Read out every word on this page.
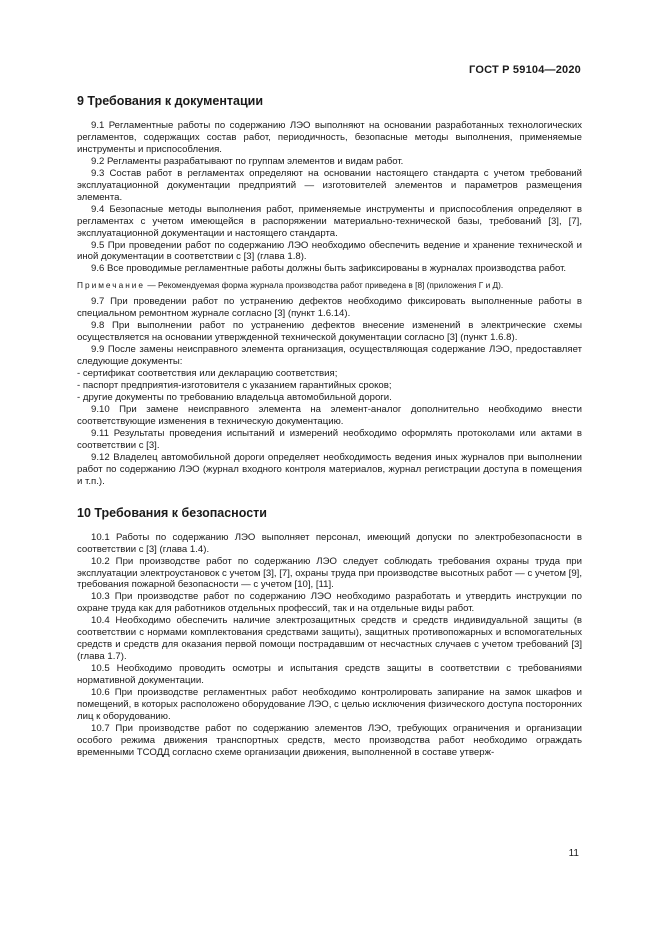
ГОСТ Р 59104—2020
9 Требования к документации

9.1 Регламентные работы по содержанию ЛЭО выполняют на основании разработанных технологических регламентов, содержащих состав работ, периодичность, безопасные методы выполнения, применяемые инструменты и приспособления.

9.2 Регламенты разрабатывают по группам элементов и видам работ.

9.3 Состав работ в регламентах определяют на основании настоящего стандарта с учетом требований эксплуатационной документации предприятий — изготовителей элементов и параметров размещения элемента.

9.4 Безопасные методы выполнения работ, применяемые инструменты и приспособления определяют в регламентах с учетом имеющейся в распоряжении материально-технической базы, требований [3], [7], эксплуатационной документации и настоящего стандарта.

9.5 При проведении работ по содержанию ЛЭО необходимо обеспечить ведение и хранение технической и иной документации в соответствии с [3] (глава 1.8).

9.6 Все проводимые регламентные работы должны быть зафиксированы в журналах производства работ.

Примечание — Рекомендуемая форма журнала производства работ приведена в [8] (приложения Г и Д).

9.7 При проведении работ по устранению дефектов необходимо фиксировать выполненные работы в специальном ремонтном журнале согласно [3] (пункт 1.6.14).

9.8 При выполнении работ по устранению дефектов внесение изменений в электрические схемы осуществляется на основании утвержденной технической документации согласно [3] (пункт 1.6.8).

9.9 После замены неисправного элемента организация, осуществляющая содержание ЛЭО, предоставляет следующие документы:

- сертификат соответствия или декларацию соответствия;
- паспорт предприятия-изготовителя с указанием гарантийных сроков;
- другие документы по требованию владельца автомобильной дороги.

9.10 При замене неисправного элемента на элемент-аналог дополнительно необходимо внести соответствующие изменения в техническую документацию.

9.11 Результаты проведения испытаний и измерений необходимо оформлять протоколами или актами в соответствии с [3].

9.12 Владелец автомобильной дороги определяет необходимость ведения иных журналов при выполнении работ по содержанию ЛЭО (журнал входного контроля материалов, журнал регистрации доступа в помещения и т.п.).

10 Требования к безопасности

10.1 Работы по содержанию ЛЭО выполняет персонал, имеющий допуски по электробезопасности в соответствии с [3] (глава 1.4).

10.2 При производстве работ по содержанию ЛЭО следует соблюдать требования охраны труда при эксплуатации электроустановок с учетом [3], [7], охраны труда при производстве высотных работ — с учетом [9], требования пожарной безопасности — с учетом [10], [11].

10.3 При производстве работ по содержанию ЛЭО необходимо разработать и утвердить инструкции по охране труда как для работников отдельных профессий, так и на отдельные виды работ.

10.4 Необходимо обеспечить наличие электрозащитных средств и средств индивидуальной защиты (в соответствии с нормами комплектования средствами защиты), защитных противопожарных и вспомогательных средств и средств для оказания первой помощи пострадавшим от несчастных случаев с учетом требований [3] (глава 1.7).

10.5 Необходимо проводить осмотры и испытания средств защиты в соответствии с требованиями нормативной документации.

10.6 При производстве регламентных работ необходимо контролировать запирание на замок шкафов и помещений, в которых расположено оборудование ЛЭО, с целью исключения физического доступа посторонних лиц к оборудованию.

10.7 При производстве работ по содержанию элементов ЛЭО, требующих ограничения и организации особого режима движения транспортных средств, место производства работ необходимо ограждать временными ТСОДД согласно схеме организации движения, выполненной в составе утверж-

11
